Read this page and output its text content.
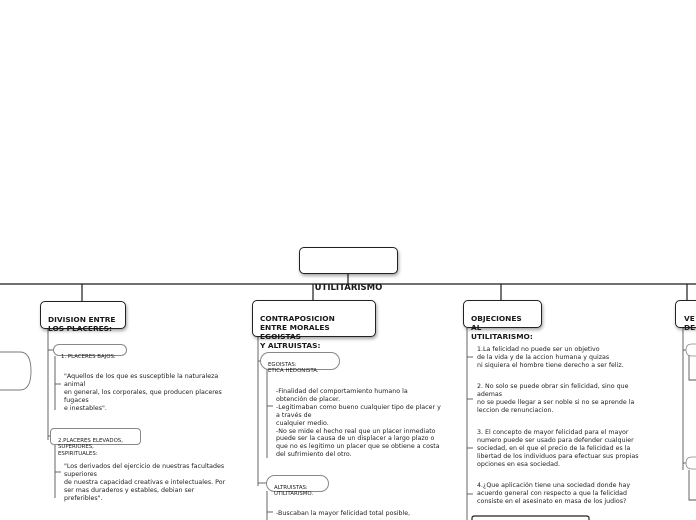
UTILITARISMO

DIVISION ENTRE
LOS PLACERES:

1. PLACERES BAJOS:

"Aquellos de los que es susceptible la naturaleza
animal
en general, los corporales, que producen placeres
fugaces
e inestables".

2.PLACERES ELEVADOS,
SUPERIORES, ESPIRITUALES:

"Los derivados del ejercicio de nuestras facultades
superiores
de nuestra capacidad creativas e intelectuales. Por
ser mas duraderos y estables, debian ser
preferibles".

CONTRAPOSICION
ENTRE MORALES EGOISTAS
Y ALTRUISTAS:

EGOISTAS:
ETICA HEDONISTA.

-Finalidad del comportamiento humano la
obtención de placer.
-Legitimaban como bueno cualquier tipo de placer y
a través de
cualquier medio.
-No se mide el hecho real que un placer inmediato
puede ser la causa de un displacer a largo plazo o
que no es legitimo un placer que se obtiene a costa
del sufrimiento del otro.

ALTRUISTAS:
UTILITARISMO.

-Buscaban la mayor felicidad total posible,

OBJECIONES AL
UTILITARISMO:

1.La felicidad no puede ser un objetivo
de la vida y de la accion humana y quizas
ni siquiera el hombre tiene derecho a ser feliz.
2. No solo se puede obrar sin felicidad, sino que
ademas
no se puede llegar a ser noble si no se aprende la
leccion de renunciacion.
3. El concepto de mayor felicidad para el mayor
numero puede ser usado para defender cualquier
sociedad, en el que el precio de la felicidad es la
libertad de los individuos para efectuar sus propias
opciones en esa sociedad.
4.¿Que aplicación tiene una sociedad donde hay
acuerdo general con respecto a que la felicidad
consiste en el asesinato en masa de los judios?

VE
DE
